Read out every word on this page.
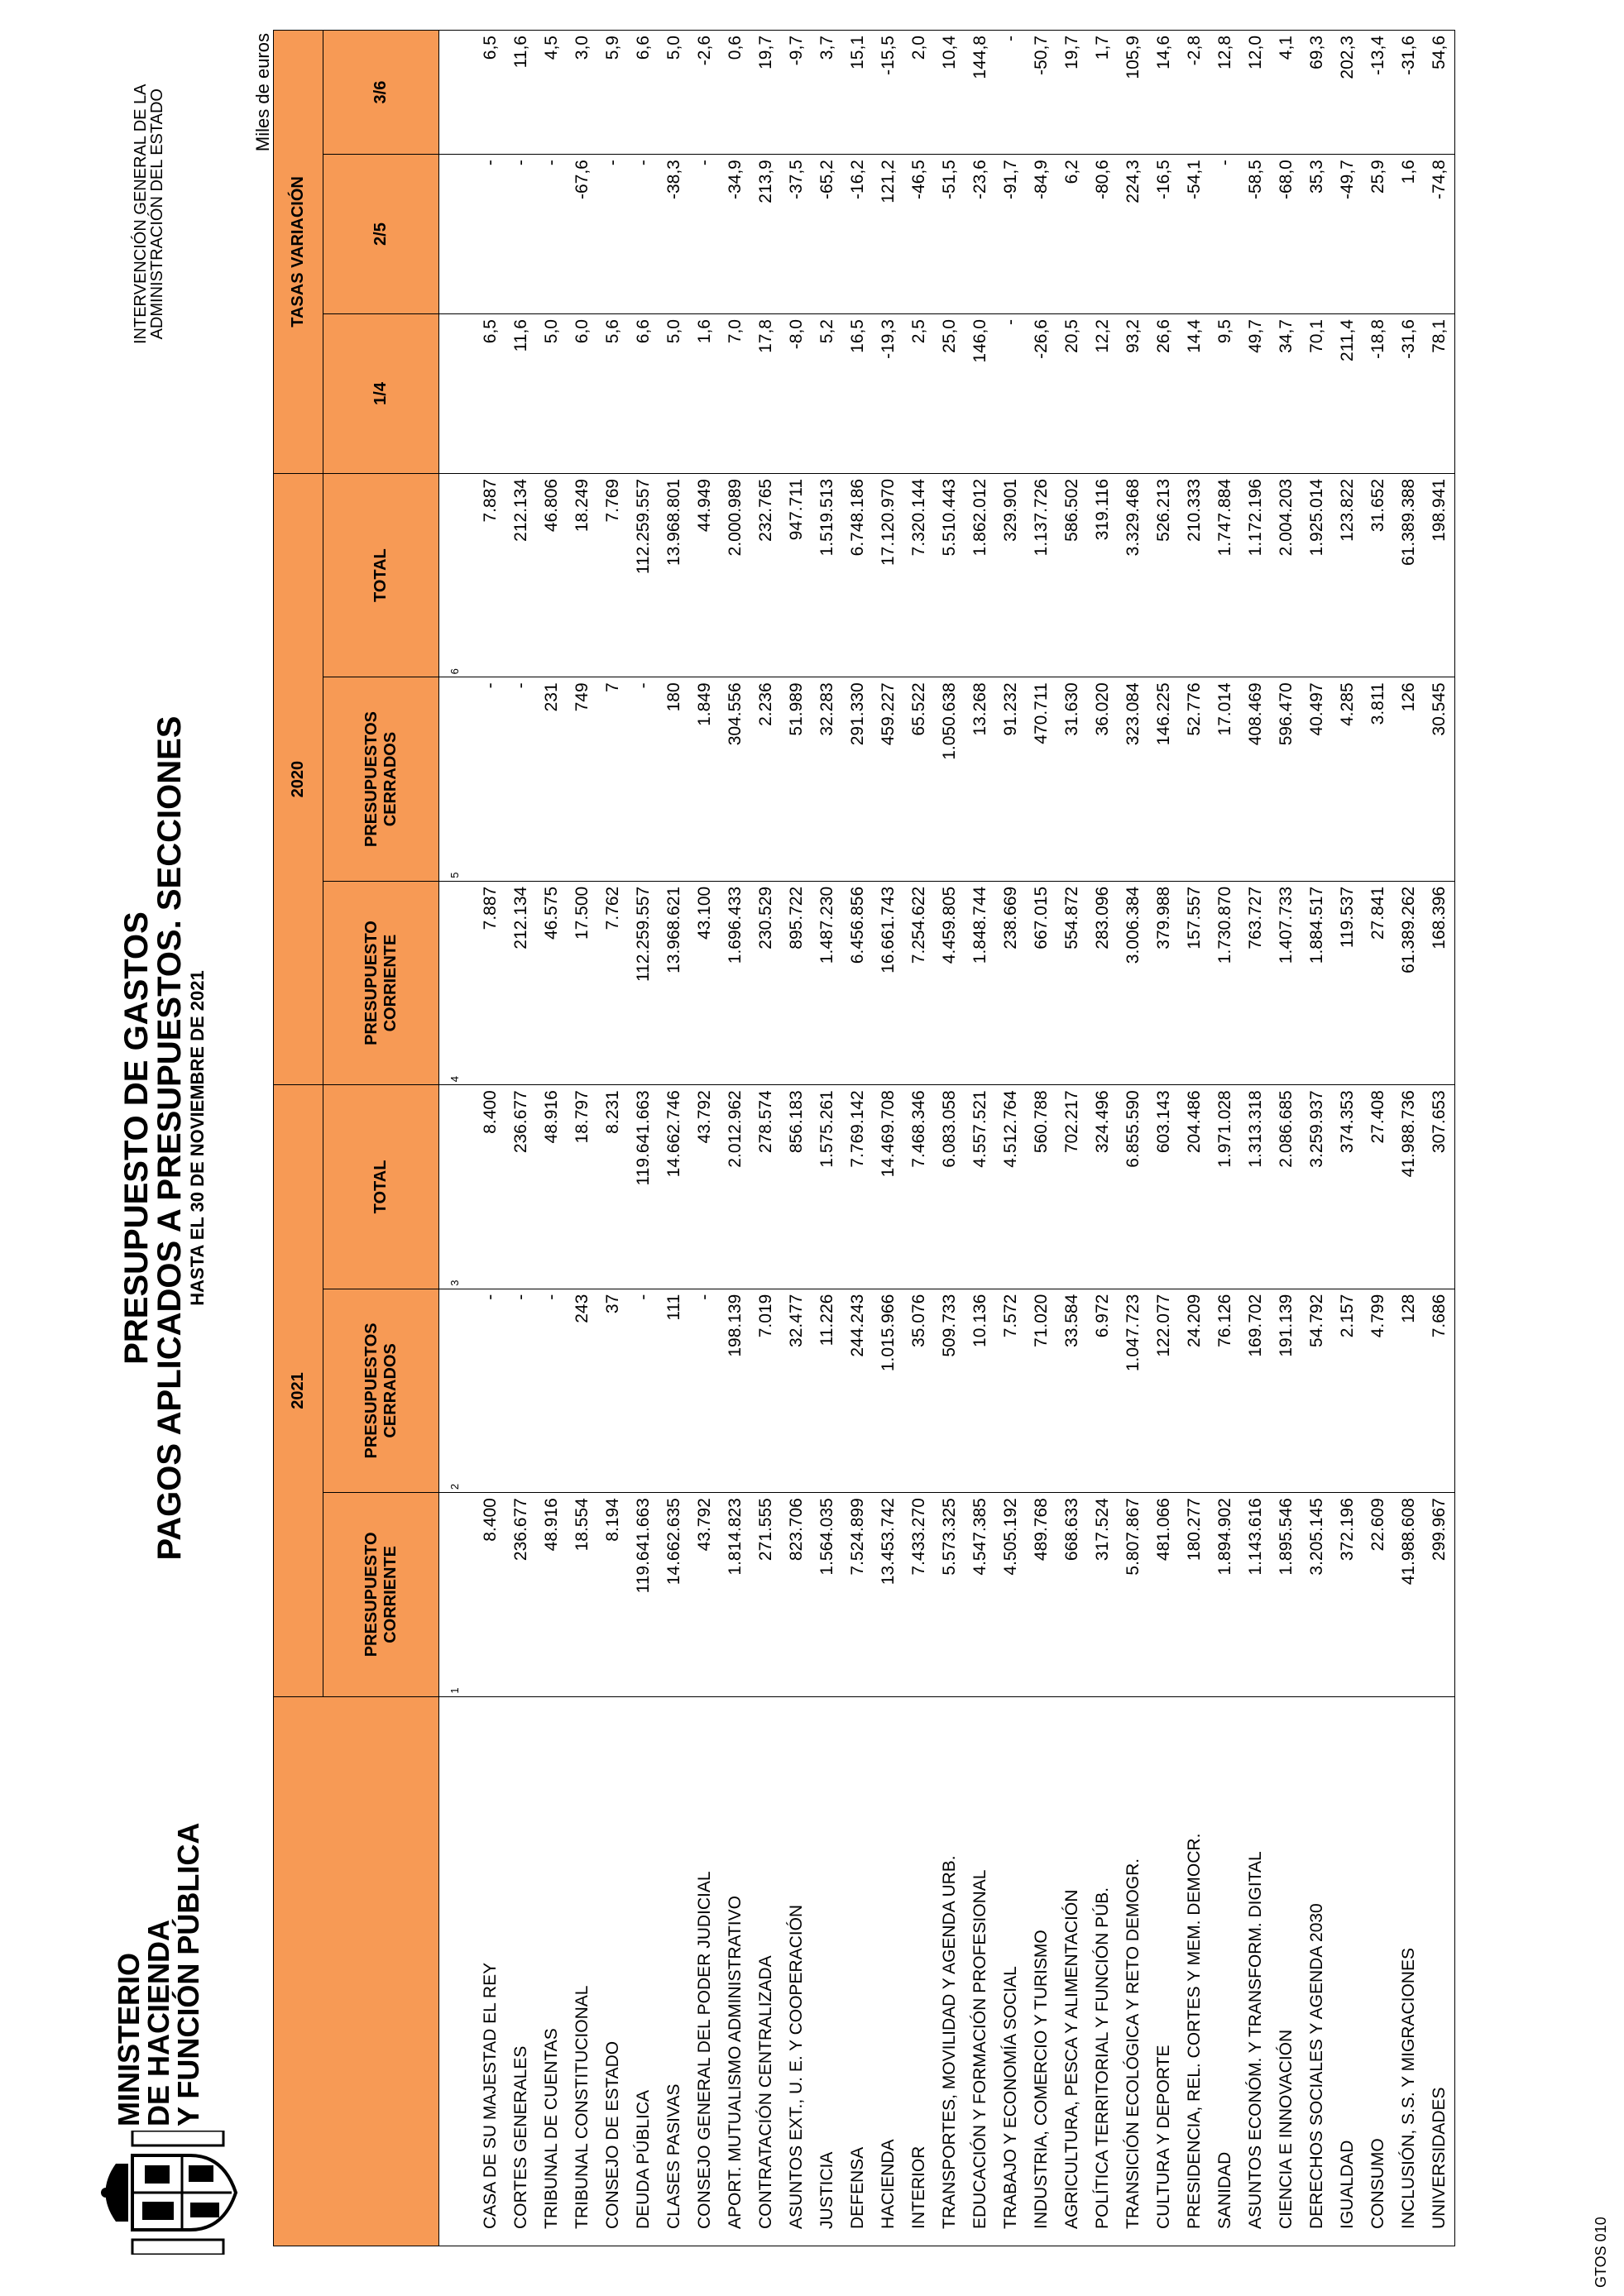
MINISTERIO
DE HACIENDA
Y FUNCIÓN PÚBLICA
PRESUPUESTO DE GASTOS
PAGOS APLICADOS A PRESUPUESTOS. SECCIONES HASTA EL 30 DE NOVIEMBRE DE 2021
INTERVENCIÓN GENERAL DE LA
ADMINISTRACIÓN DEL ESTADO	Miles de euros
	2021			2020			TASAS VARIACIÓN		
	PRESUPUESTO CORRIENTE	PRESUPUESTOS CERRADOS	TOTAL	PRESUPUESTO CORRIENTE	PRESUPUESTOS CERRADOS	TOTAL	1/4	2/5	3/6
	1	2	3	4	5	6			
CASA DE SU MAJESTAD EL REY	8.400	-	8.400	7.887	-	7.887	6,5	-	6,5
CORTES GENERALES	236.677	-	236.677	212.134	-	212.134	11,6	-	11,6
TRIBUNAL DE CUENTAS	48.916	-	48.916	46.575	231	46.806	5,0	-	4,5
TRIBUNAL CONSTITUCIONAL	18.554	243	18.797	17.500	749	18.249	6,0	-67,6	3,0
CONSEJO DE ESTADO	8.194	37	8.231	7.762	7	7.769	5,6	-	5,9
DEUDA PÚBLICA	119.641.663	-	119.641.663	112.259.557	-	112.259.557	6,6	-	6,6
CLASES PASIVAS	14.662.635	111	14.662.746	13.968.621	180	13.968.801	5,0	-38,3	5,0
CONSEJO GENERAL DEL PODER JUDICIAL	43.792	-	43.792	43.100	1.849	44.949	1,6	-	-2,6
APORT. MUTUALISMO ADMINISTRATIVO	1.814.823	198.139	2.012.962	1.696.433	304.556	2.000.989	7,0	-34,9	0,6
CONTRATACIÓN CENTRALIZADA	271.555	7.019	278.574	230.529	2.236	232.765	17,8	213,9	19,7
ASUNTOS EXT., U. E. Y COOPERACIÓN	823.706	32.477	856.183	895.722	51.989	947.711	-8,0	-37,5	-9,7
JUSTICIA	1.564.035	11.226	1.575.261	1.487.230	32.283	1.519.513	5,2	-65,2	3,7
DEFENSA	7.524.899	244.243	7.769.142	6.456.856	291.330	6.748.186	16,5	-16,2	15,1
HACIENDA	13.453.742	1.015.966	14.469.708	16.661.743	459.227	17.120.970	-19,3	121,2	-15,5
INTERIOR	7.433.270	35.076	7.468.346	7.254.622	65.522	7.320.144	2,5	-46,5	2,0
TRANSPORTES, MOVILIDAD Y AGENDA URB.	5.573.325	509.733	6.083.058	4.459.805	1.050.638	5.510.443	25,0	-51,5	10,4
EDUCACIÓN Y FORMACIÓN PROFESIONAL	4.547.385	10.136	4.557.521	1.848.744	13.268	1.862.012	146,0	-23,6	144,8
TRABAJO Y ECONOMÍA SOCIAL	4.505.192	7.572	4.512.764	238.669	91.232	329.901	-	-91,7	-
INDUSTRIA, COMERCIO Y TURISMO	489.768	71.020	560.788	667.015	470.711	1.137.726	-26,6	-84,9	-50,7
AGRICULTURA, PESCA Y ALIMENTACIÓN	668.633	33.584	702.217	554.872	31.630	586.502	20,5	6,2	19,7
POLÍTICA TERRITORIAL Y FUNCIÓN PÚB.	317.524	6.972	324.496	283.096	36.020	319.116	12,2	-80,6	1,7
TRANSICIÓN ECOLÓGICA Y RETO DEMOGR.	5.807.867	1.047.723	6.855.590	3.006.384	323.084	3.329.468	93,2	224,3	105,9
CULTURA Y DEPORTE	481.066	122.077	603.143	379.988	146.225	526.213	26,6	-16,5	14,6
PRESIDENCIA, REL. CORTES Y MEM. DEMOCR.	180.277	24.209	204.486	157.557	52.776	210.333	14,4	-54,1	-2,8
SANIDAD	1.894.902	76.126	1.971.028	1.730.870	17.014	1.747.884	9,5	-	12,8
ASUNTOS ECONÓM. Y TRANSFORM. DIGITAL	1.143.616	169.702	1.313.318	763.727	408.469	1.172.196	49,7	-58,5	12,0
CIENCIA E INNOVACIÓN	1.895.546	191.139	2.086.685	1.407.733	596.470	2.004.203	34,7	-68,0	4,1
DERECHOS SOCIALES Y AGENDA 2030	3.205.145	54.792	3.259.937	1.884.517	40.497	1.925.014	70,1	35,3	69,3
IGUALDAD	372.196	2.157	374.353	119.537	4.285	123.822	211,4	-49,7	202,3
CONSUMO	22.609	4.799	27.408	27.841	3.811	31.652	-18,8	25,9	-13,4
INCLUSIÓN, S.S. Y MIGRACIONES	41.988.608	128	41.988.736	61.389.262	126	61.389.388	-31,6	1,6	-31,6
UNIVERSIDADES	299.967	7.686	307.653	168.396	30.545	198.941	78,1	-74,8	54,6
GTOS 010
